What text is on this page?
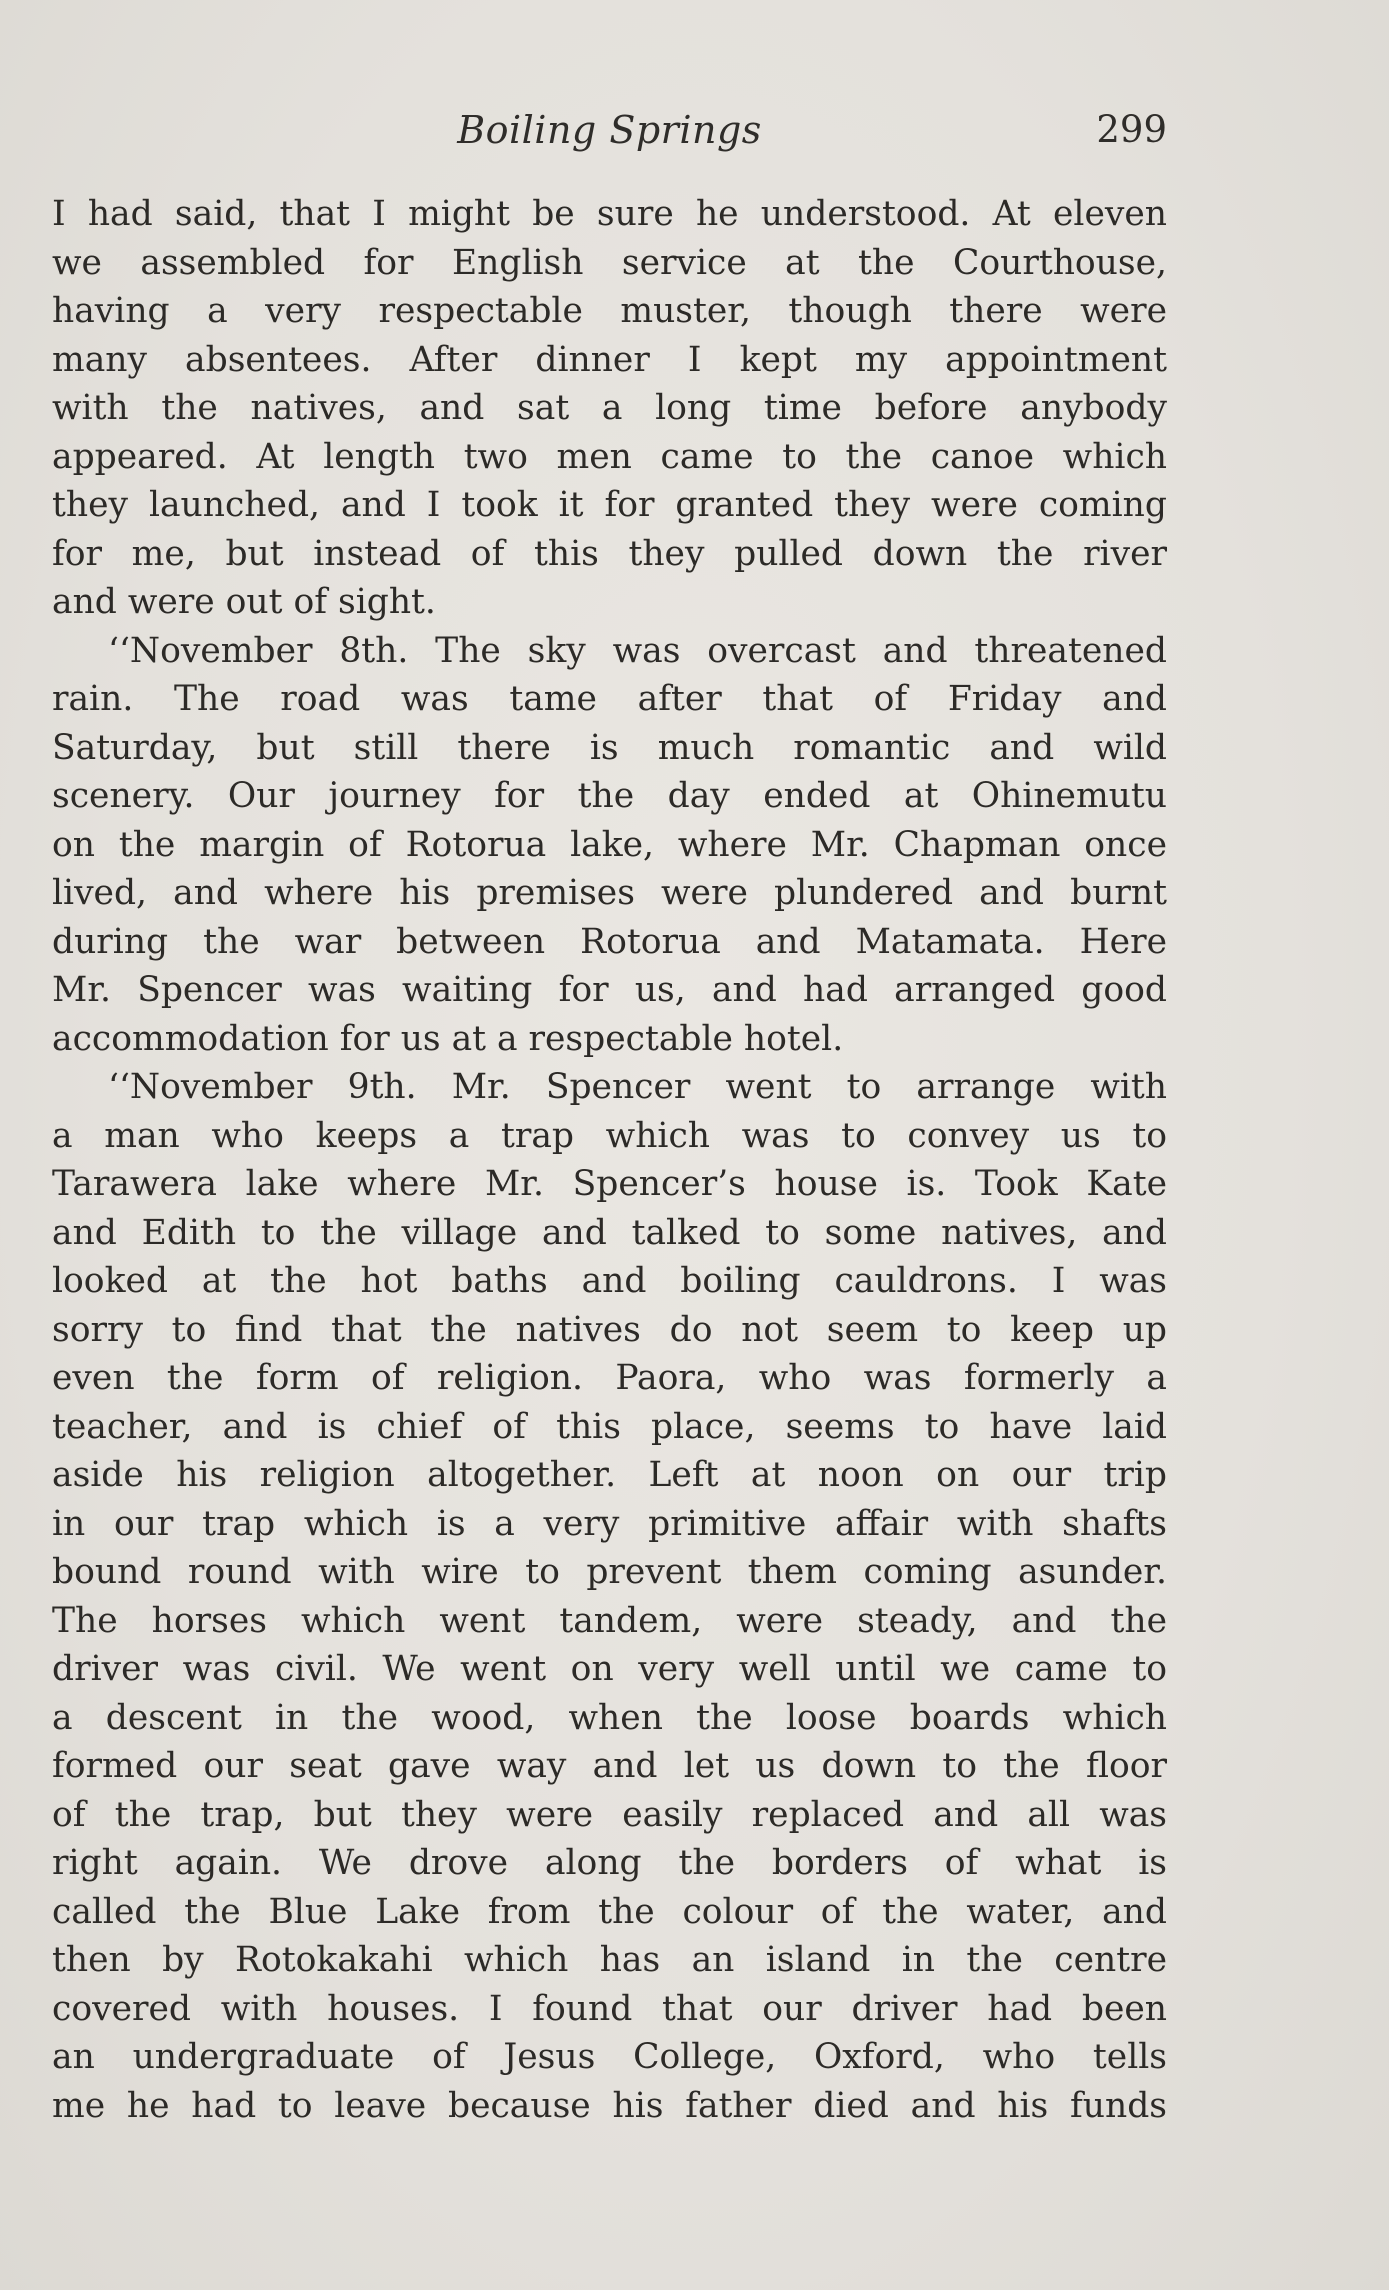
Boiling Springs	299
I had said, that I might be sure he understood. At eleven
we assembled for English service at the Courthouse,
having a very respectable muster, though there were
many absentees. After dinner I kept my appointment
with the natives, and sat a long time before anybody
appeared. At length two men came to the canoe which
they launched, and I took it for granted they were coming
for me, but instead of this they pulled down the river
and were out of sight.
‘‘November 8th. The sky was overcast and threatened
rain. The road was tame after that of Friday and
Saturday, but still there is much romantic and wild
scenery. Our journey for the day ended at Ohinemutu
on the margin of Rotorua lake, where Mr. Chapman once
lived, and where his premises were plundered and burnt
during the war between Rotorua and Matamata. Here
Mr. Spencer was waiting for us, and had arranged good
accommodation for us at a respectable hotel.
‘‘November 9th. Mr. Spencer went to arrange with
a man who keeps a trap which was to convey us to
Tarawera lake where Mr. Spencer’s house is. Took Kate
and Edith to the village and talked to some natives, and
looked at the hot baths and boiling cauldrons. I was
sorry to find that the natives do not seem to keep up
even the form of religion. Paora, who was formerly a
teacher, and is chief of this place, seems to have laid
aside his religion altogether. Left at noon on our trip
in our trap which is a very primitive affair with shafts
bound round with wire to prevent them coming asunder.
The horses which went tandem, were steady, and the
driver was civil. We went on very well until we came to
a descent in the wood, when the loose boards which
formed our seat gave way and let us down to the floor
of the trap, but they were easily replaced and all was
right again. We drove along the borders of what is
called the Blue Lake from the colour of the water, and
then by Rotokakahi which has an island in the centre
covered with houses. I found that our driver had been
an undergraduate of Jesus College, Oxford, who tells
me he had to leave because his father died and his funds
